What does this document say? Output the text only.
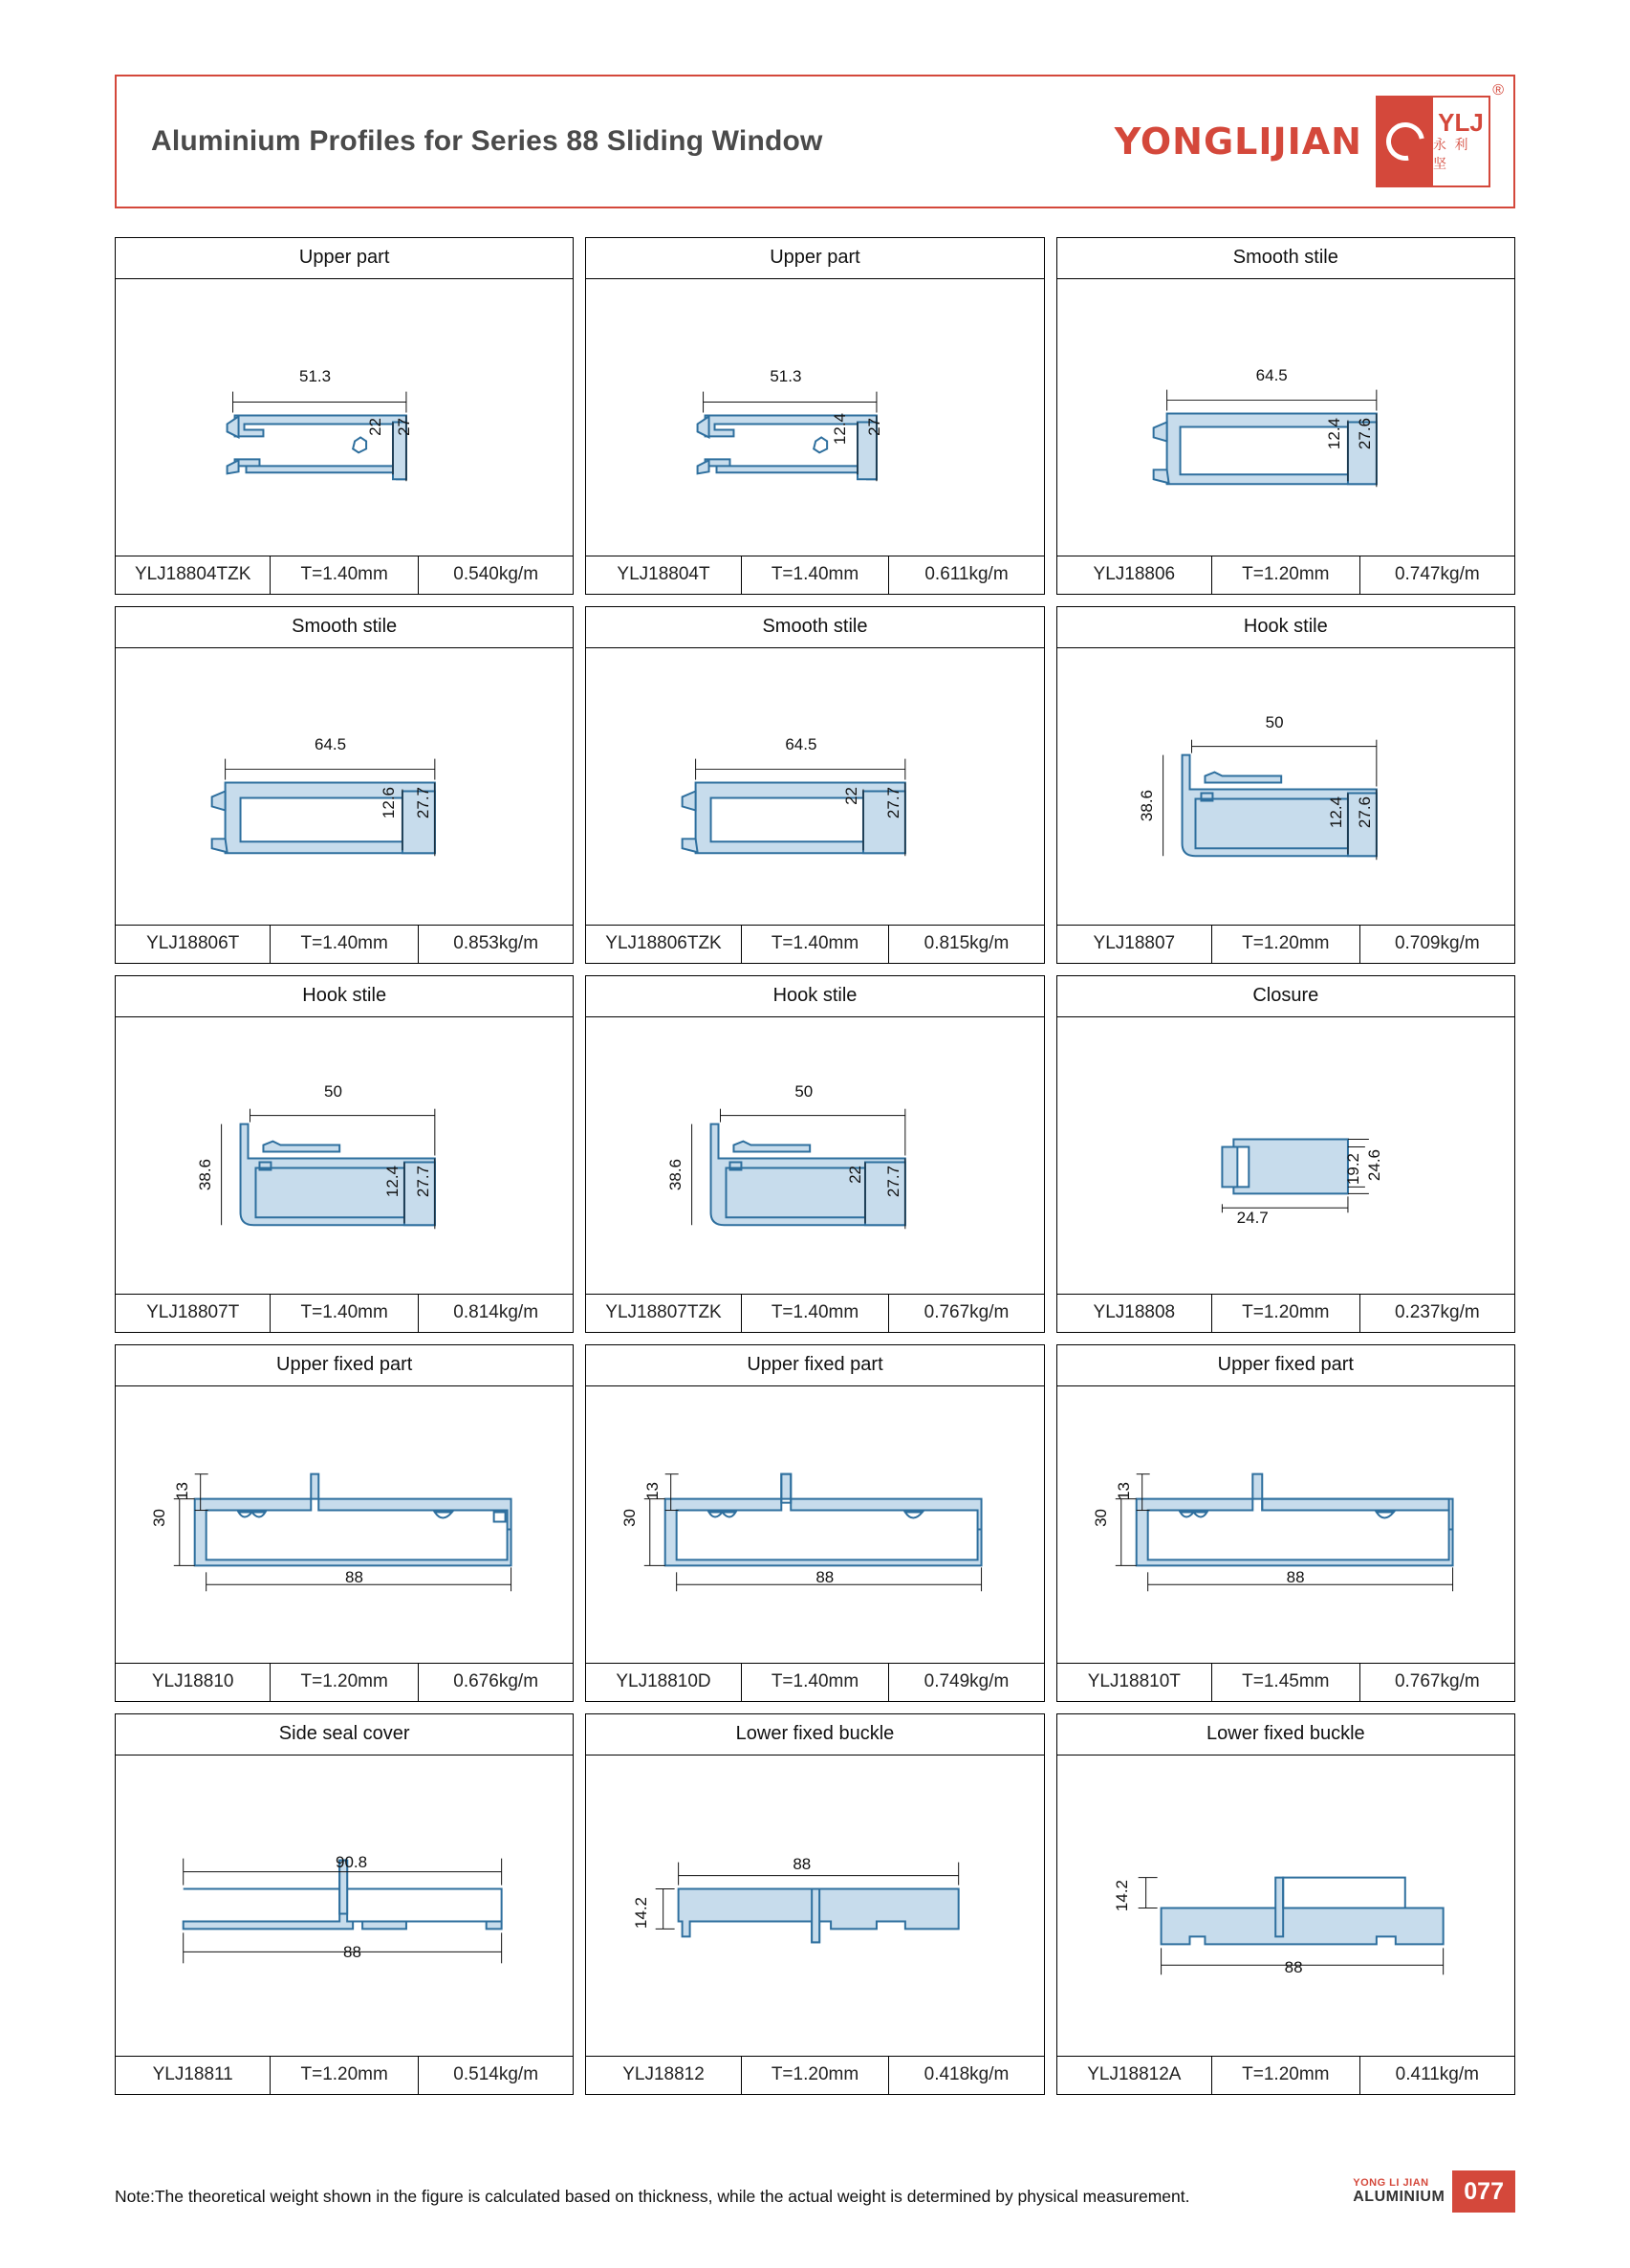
Aluminium Profiles for Series 88 Sliding Window	YONGLIJIAN	YLJ
永 利 坚
®
Upper part
51.3
22 27
YLJ18804TZK	T=1.40mm	0.540kg/m
Upper part
51.3
12.4 27
YLJ18804T	T=1.40mm	0.611kg/m
Smooth stile
64.5
12.4 27.6
YLJ18806	T=1.20mm	0.747kg/m
Smooth stile
64.5
12.6 27.7
YLJ18806T	T=1.40mm	0.853kg/m
Smooth stile
64.5
22 27.7
YLJ18806TZK	T=1.40mm	0.815kg/m
Hook stile
50
38.6	12.4 27.6
YLJ18807	T=1.20mm	0.709kg/m
Hook stile
50
38.6	12.4 27.7
YLJ18807T	T=1.40mm	0.814kg/m
Hook stile
50
38.6	22 27.7
YLJ18807TZK	T=1.40mm	0.767kg/m
Closure
19.2 24.6
24.7
YLJ18808	T=1.20mm	0.237kg/m
Upper fixed part
13
30
88
YLJ18810	T=1.20mm	0.676kg/m
Upper fixed part
13
30
88
YLJ18810D	T=1.40mm	0.749kg/m
Upper fixed part
13
30
88
YLJ18810T	T=1.45mm	0.767kg/m
Side seal cover
90.8
88
YLJ18811	T=1.20mm	0.514kg/m
Lower fixed buckle
88
14.2
YLJ18812	T=1.20mm	0.418kg/m
Lower fixed buckle
14.2
88
YLJ18812A	T=1.20mm	0.411kg/m
Note:The theoretical weight shown in the figure is calculated based on thickness, while the actual weight is determined by physical measurement.
YONG LI JIAN
ALUMINIUM 077
